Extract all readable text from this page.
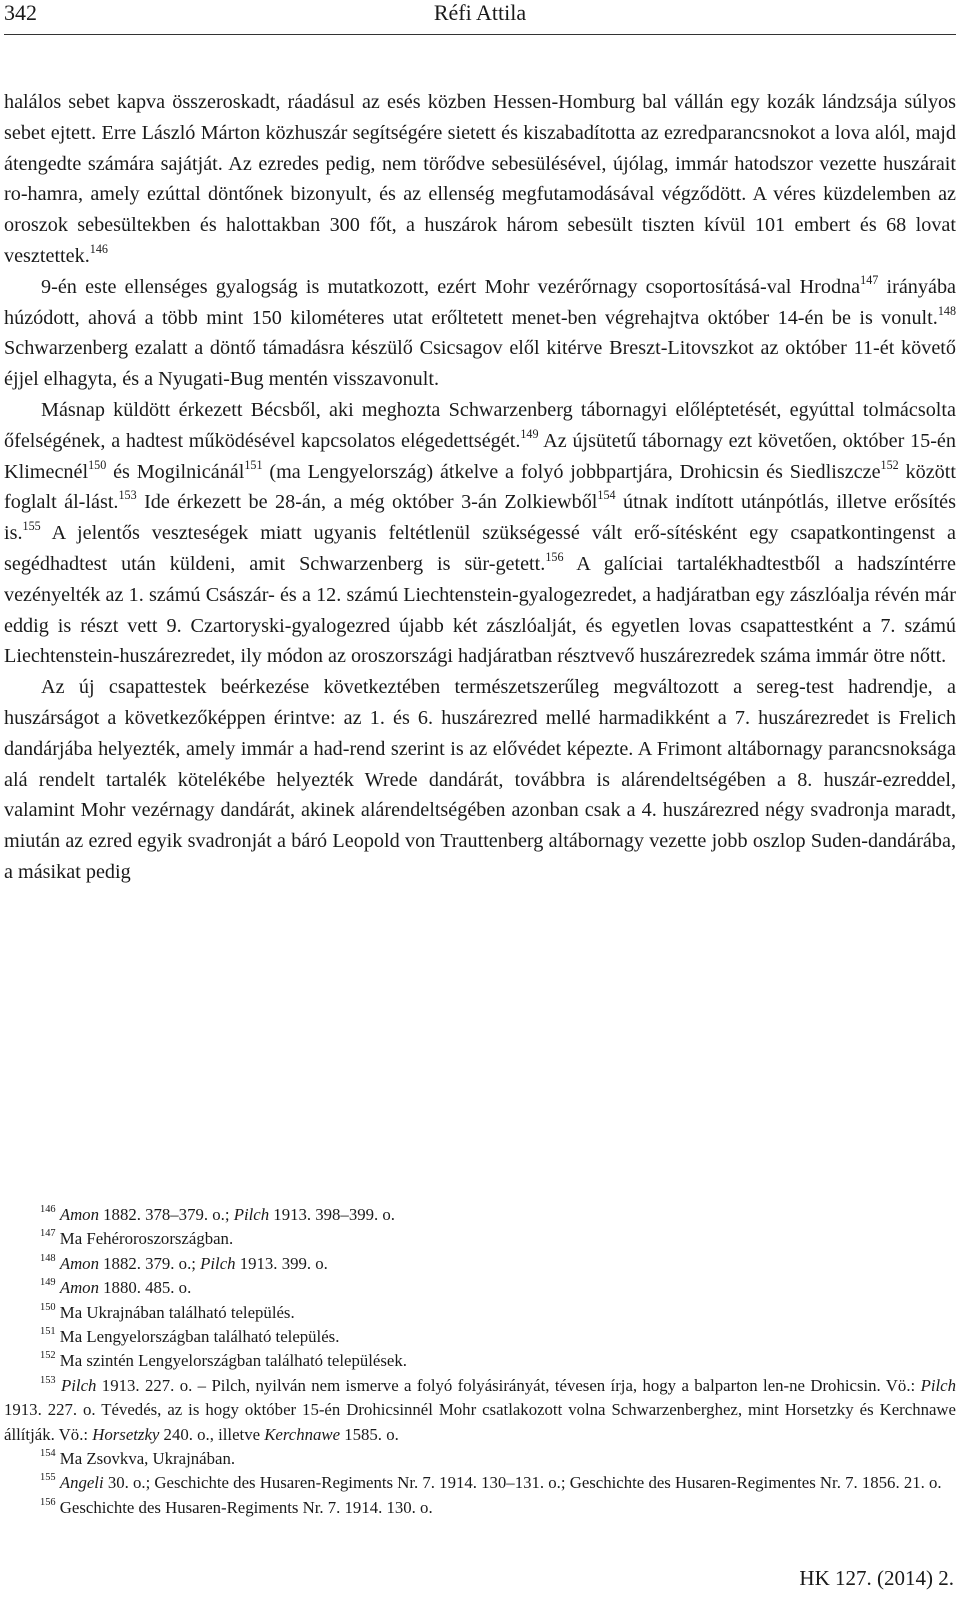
342	Réfi Attila

halálos sebet kapva összeroskadt, ráadásul az esés közben Hessen-Homburg bal vállán egy kozák lándzsája súlyos sebet ejtett. Erre László Márton közhuszár segítségére sietett és kiszabadította az ezredparancsnokot a lova alól, majd átengedte számára sajátját. Az ezredes pedig, nem törődve sebesülésével, újólag, immár hatodszor vezette huszárait ro-hamra, amely ezúttal döntőnek bizonyult, és az ellenség megfutamodásával végződött. A véres küzdelemben az oroszok sebesültekben és halottakban 300 főt, a huszárok három sebesült tiszten kívül 101 embert és 68 lovat vesztettek.$^{146}$

9-én este ellenséges gyalogság is mutatkozott, ezért Mohr vezérőrnagy csoportosításá-val Hrodna$^{147}$ irányába húzódott, ahová a több mint 150 kilométeres utat erőltetett menet-ben végrehajtva október 14-én be is vonult.$^{148}$ Schwarzenberg ezalatt a döntő támadásra készülő Csicsagov elől kitérve Breszt-Litovszkot az október 11-ét követő éjjel elhagyta, és a Nyugati-Bug mentén visszavonult.

Másnap küldött érkezett Bécsből, aki meghozta Schwarzenberg tábornagyi előléptetését, egyúttal tolmácsolta őfelségének, a hadtest működésével kapcsolatos elégedettségét.$^{149}$ Az újsütetű tábornagy ezt követően, október 15-én Klimecnél$^{150}$ és Mogilnicánál$^{151}$ (ma Lengyelország) átkelve a folyó jobbpartjára, Drohicsin és Siedliszcze$^{152}$ között foglalt ál-lást.$^{153}$ Ide érkezett be 28-án, a még október 3-án Zolkiewből$^{154}$ útnak indított utánpótlás, illetve erősítés is.$^{155}$ A jelentős veszteségek miatt ugyanis feltétlenül szükségessé vált erő-sítésként egy csapatkontingenst a segédhadtest után küldeni, amit Schwarzenberg is sür-getett.$^{156}$ A galíciai tartalékhadtestből a hadszíntérre vezényelték az 1. számú Császár- és a 12. számú Liechtenstein-gyalogezredet, a hadjáratban egy zászlóalja révén már eddig is részt vett 9. Czartoryski-gyalogezred újabb két zászlóalját, és egyetlen lovas csapattestként a 7. számú Liechtenstein-huszárezredet, ily módon az oroszországi hadjáratban résztvevő huszárezredek száma immár ötre nőtt.

Az új csapattestek beérkezése következtében természetszerűleg megváltozott a sereg-test hadrendje, a huszárságot a következőképpen érintve: az 1. és 6. huszárezred mellé harmadikként a 7. huszárezredet is Frelich dandárjába helyezték, amely immár a had-rend szerint is az elővédet képezte. A Frimont altábornagy parancsnoksága alá rendelt tartalék kötelékébe helyezték Wrede dandárát, továbbra is alárendeltségében a 8. huszár-ezreddel, valamint Mohr vezérnagy dandárát, akinek alárendeltségében azonban csak a 4. huszárezred négy svadronja maradt, miután az ezred egyik svadronját a báró Leopold von Trauttenberg altábornagy vezette jobb oszlop Suden-dandárába, a másikat pedig

$^{146}$ Amon 1882. 378–379. o.; Pilch 1913. 398–399. o.

$^{147}$ Ma Fehéroroszországban.

$^{148}$ Amon 1882. 379. o.; Pilch 1913. 399. o.

$^{149}$ Amon 1880. 485. o.

$^{150}$ Ma Ukrajnában található település.

$^{151}$ Ma Lengyelországban található település.

$^{152}$ Ma szintén Lengyelországban található települések.

$^{153}$ Pilch 1913. 227. o. – Pilch, nyilván nem ismerve a folyó folyásirányát, tévesen írja, hogy a balparton len-ne Drohicsin. Vö.: Pilch 1913. 227. o. Tévedés, az is hogy október 15-én Drohicsinnél Mohr csatlakozott volna Schwarzenberghez, mint Horsetzky és Kerchnawe állítják. Vö.: Horsetzky 240. o., illetve Kerchnawe 1585. o.

$^{154}$ Ma Zsovkva, Ukrajnában.

$^{155}$ Angeli 30. o.; Geschichte des Husaren-Regiments Nr. 7. 1914. 130–131. o.; Geschichte des Husaren-Regimentes Nr. 7. 1856. 21. o.

$^{156}$ Geschichte des Husaren-Regiments Nr. 7. 1914. 130. o.

HK 127. (2014) 2.
